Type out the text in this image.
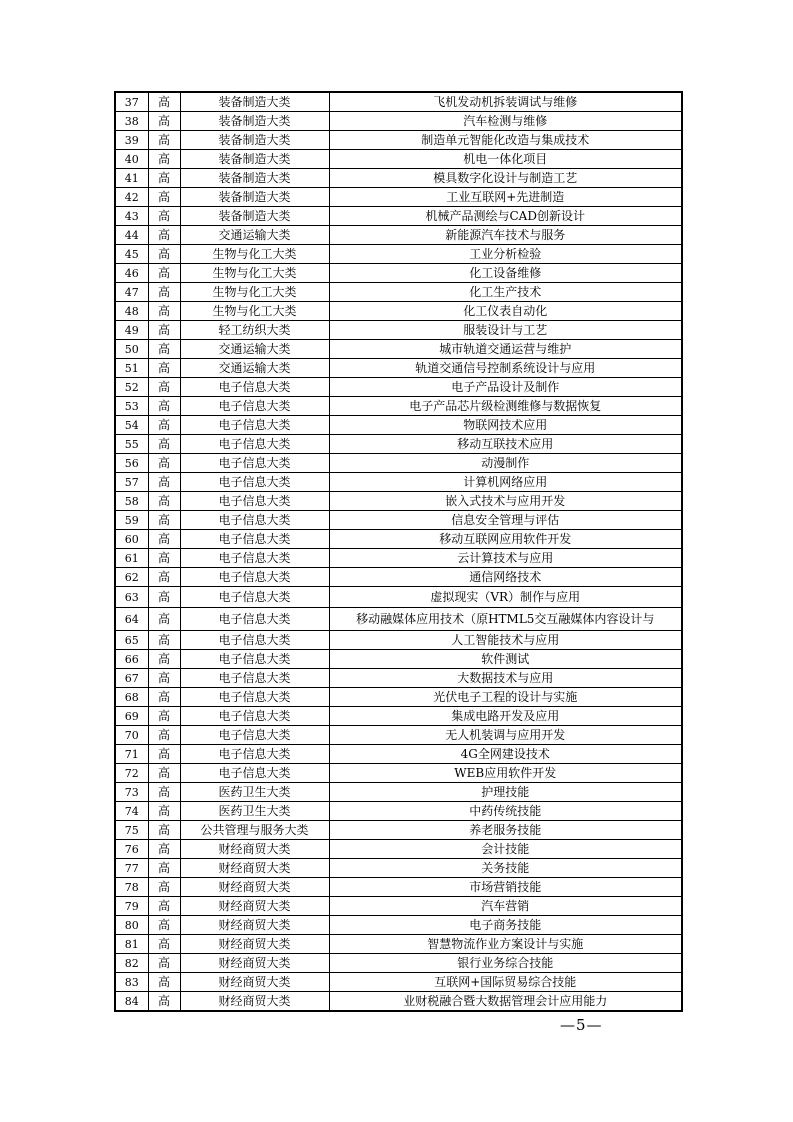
37	高	装备制造大类	飞机发动机拆装调试与维修
38	高	装备制造大类	汽车检测与维修
39	高	装备制造大类	制造单元智能化改造与集成技术
40	高	装备制造大类	机电一体化项目
41	高	装备制造大类	模具数字化设计与制造工艺
42	高	装备制造大类	工业互联网+先进制造
43	高	装备制造大类	机械产品测绘与CAD创新设计
44	高	交通运输大类	新能源汽车技术与服务
45	高	生物与化工大类	工业分析检验
46	高	生物与化工大类	化工设备维修
47	高	生物与化工大类	化工生产技术
48	高	生物与化工大类	化工仪表自动化
49	高	轻工纺织大类	服装设计与工艺
50	高	交通运输大类	城市轨道交通运营与维护
51	高	交通运输大类	轨道交通信号控制系统设计与应用
52	高	电子信息大类	电子产品设计及制作
53	高	电子信息大类	电子产品芯片级检测维修与数据恢复
54	高	电子信息大类	物联网技术应用
55	高	电子信息大类	移动互联技术应用
56	高	电子信息大类	动漫制作
57	高	电子信息大类	计算机网络应用
58	高	电子信息大类	嵌入式技术与应用开发
59	高	电子信息大类	信息安全管理与评估
60	高	电子信息大类	移动互联网应用软件开发
61	高	电子信息大类	云计算技术与应用
62	高	电子信息大类	通信网络技术
63	高	电子信息大类	虚拟现实（VR）制作与应用
64	高	电子信息大类	移动融媒体应用技术（原HTML5交互融媒体内容设计与
65	高	电子信息大类	人工智能技术与应用
66	高	电子信息大类	软件测试
67	高	电子信息大类	大数据技术与应用
68	高	电子信息大类	光伏电子工程的设计与实施
69	高	电子信息大类	集成电路开发及应用
70	高	电子信息大类	无人机装调与应用开发
71	高	电子信息大类	4G全网建设技术
72	高	电子信息大类	WEB应用软件开发
73	高	医药卫生大类	护理技能
74	高	医药卫生大类	中药传统技能
75	高	公共管理与服务大类	养老服务技能
76	高	财经商贸大类	会计技能
77	高	财经商贸大类	关务技能
78	高	财经商贸大类	市场营销技能
79	高	财经商贸大类	汽车营销
80	高	财经商贸大类	电子商务技能
81	高	财经商贸大类	智慧物流作业方案设计与实施
82	高	财经商贸大类	银行业务综合技能
83	高	财经商贸大类	互联网+国际贸易综合技能
84	高	财经商贸大类	业财税融合暨大数据管理会计应用能力
—5—
